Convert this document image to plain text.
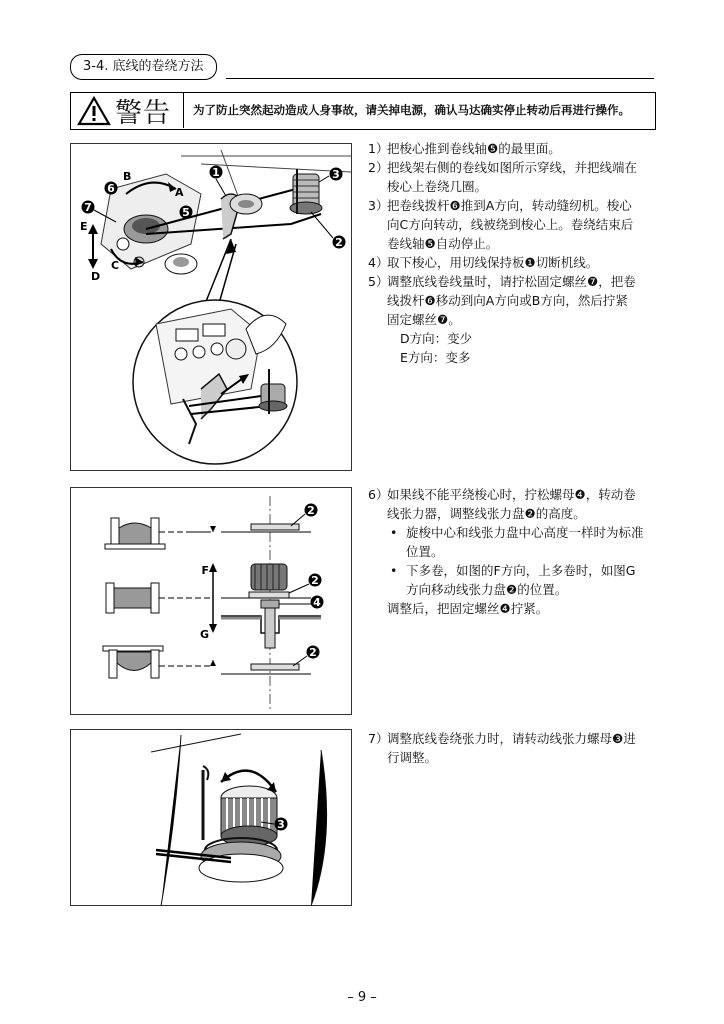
3-4. 底线的卷绕方法
警告 为了防止突然起动造成人身事故，请关掉电源，确认马达确实停止转动后再进行操作。
1	3
2
5
6
7
B
A
C
E
D
1）
把梭心推到卷线轴❺的最里面。
2）
把线架右侧的卷线如图所示穿线，并把线端在
梭心上卷绕几圈。
3）
把卷线拨杆❻推到A方向，转动缝纫机。梭心
向C方向转动，线被绕到梭心上。卷绕结束后
卷线轴❺自动停止。
4）
取下梭心，用切线保持板❶切断机线。
5）
调整底线卷线量时，请拧松固定螺丝❼，把卷
线拨杆❻移动到向A方向或B方向，然后拧紧
固定螺丝❼。
D方向：变少
E方向：变多
2
2
4
2
F
G
6）
如果线不能平绕梭心时，拧松螺母❹，转动卷
线张力器，调整线张力盘❷的高度。
• 旋梭中心和线张力盘中心高度一样时为标准
位置。
• 下多卷，如图的F方向，上多卷时，如图G
方向移动线张力盘❷的位置。
调整后，把固定螺丝❹拧紧。
3
7）
调整底线卷绕张力时，请转动线张力螺母❸进
行调整。
– 9 –
